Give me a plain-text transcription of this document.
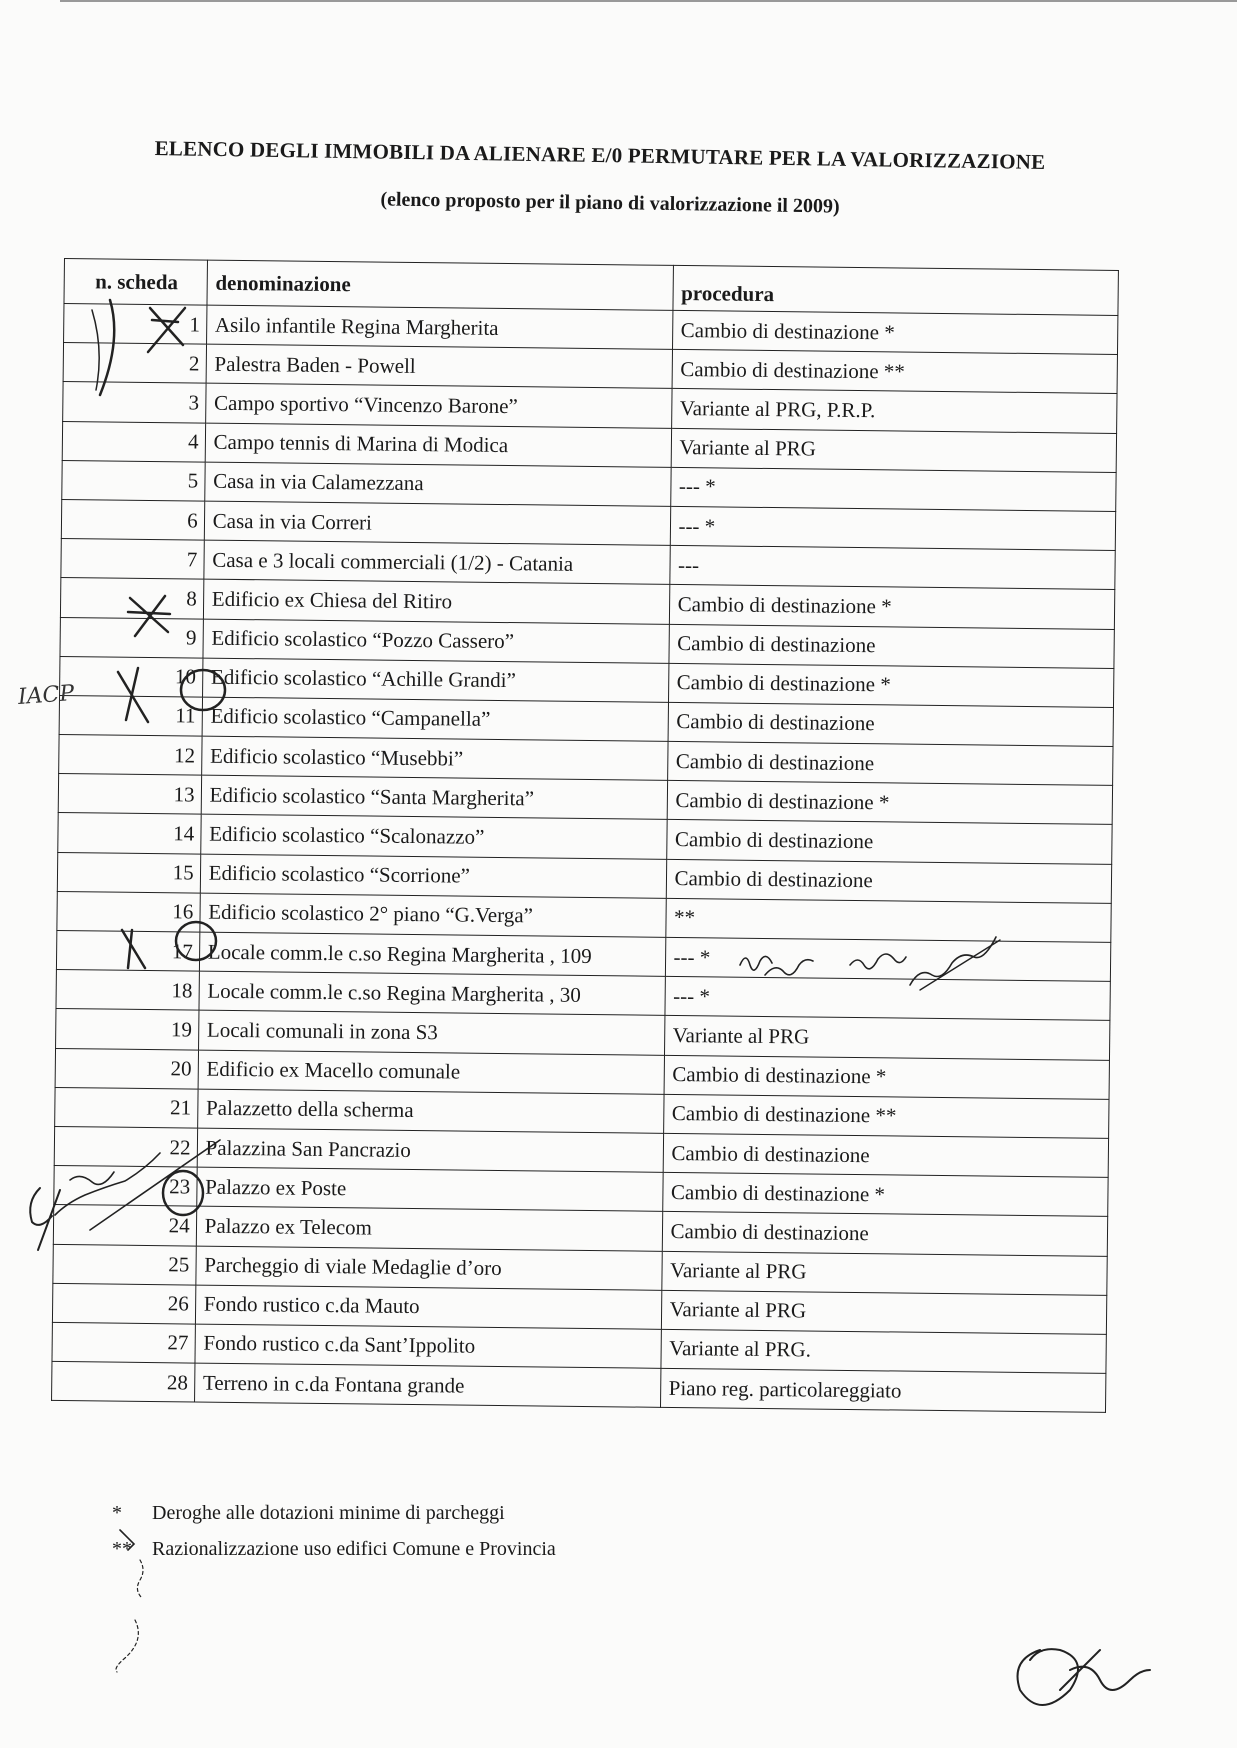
ELENCO DEGLI IMMOBILI DA ALIENARE E/0 PERMUTARE PER LA VALORIZZAZIONE
(elenco proposto per il piano di valorizzazione il 2009)
n. scheda	denominazione	procedura
1	Asilo infantile Regina Margherita	Cambio di destinazione *
2	Palestra Baden - Powell	Cambio di destinazione **
3	Campo sportivo “Vincenzo Barone”	Variante al PRG, P.R.P.
4	Campo tennis di Marina di Modica	Variante al PRG
5	Casa in via Calamezzana	--- *
6	Casa in via Correri	--- *
7	Casa e 3 locali commerciali (1/2) - Catania	---
8	Edificio ex Chiesa del Ritiro	Cambio di destinazione *
9	Edificio scolastico “Pozzo Cassero”	Cambio di destinazione
10	Edificio scolastico “Achille Grandi”	Cambio di destinazione *
11	Edificio scolastico “Campanella”	Cambio di destinazione
12	Edificio scolastico “Musebbi”	Cambio di destinazione
13	Edificio scolastico “Santa Margherita”	Cambio di destinazione *
14	Edificio scolastico “Scalonazzo”	Cambio di destinazione
15	Edificio scolastico “Scorrione”	Cambio di destinazione
16	Edificio scolastico 2° piano “G.Verga”	**
17	Locale comm.le c.so Regina Margherita , 109	--- *
18	Locale comm.le c.so Regina Margherita , 30	--- *
19	Locali comunali in zona S3	Variante al PRG
20	Edificio ex Macello comunale	Cambio di destinazione *
21	Palazzetto della scherma	Cambio di destinazione **
22	Palazzina San Pancrazio	Cambio di destinazione
23	Palazzo ex Poste	Cambio di destinazione *
24	Palazzo ex Telecom	Cambio di destinazione
25	Parcheggio di viale Medaglie d’oro	Variante al PRG
26	Fondo rustico c.da Mauto	Variante al PRG
27	Fondo rustico c.da Sant’Ippolito	Variante al PRG.
28	Terreno in c.da Fontana grande	Piano reg. particolareggiato
*	Deroghe alle dotazioni minime di parcheggi
**	Razionalizzazione uso edifici Comune e Provincia
IACP
